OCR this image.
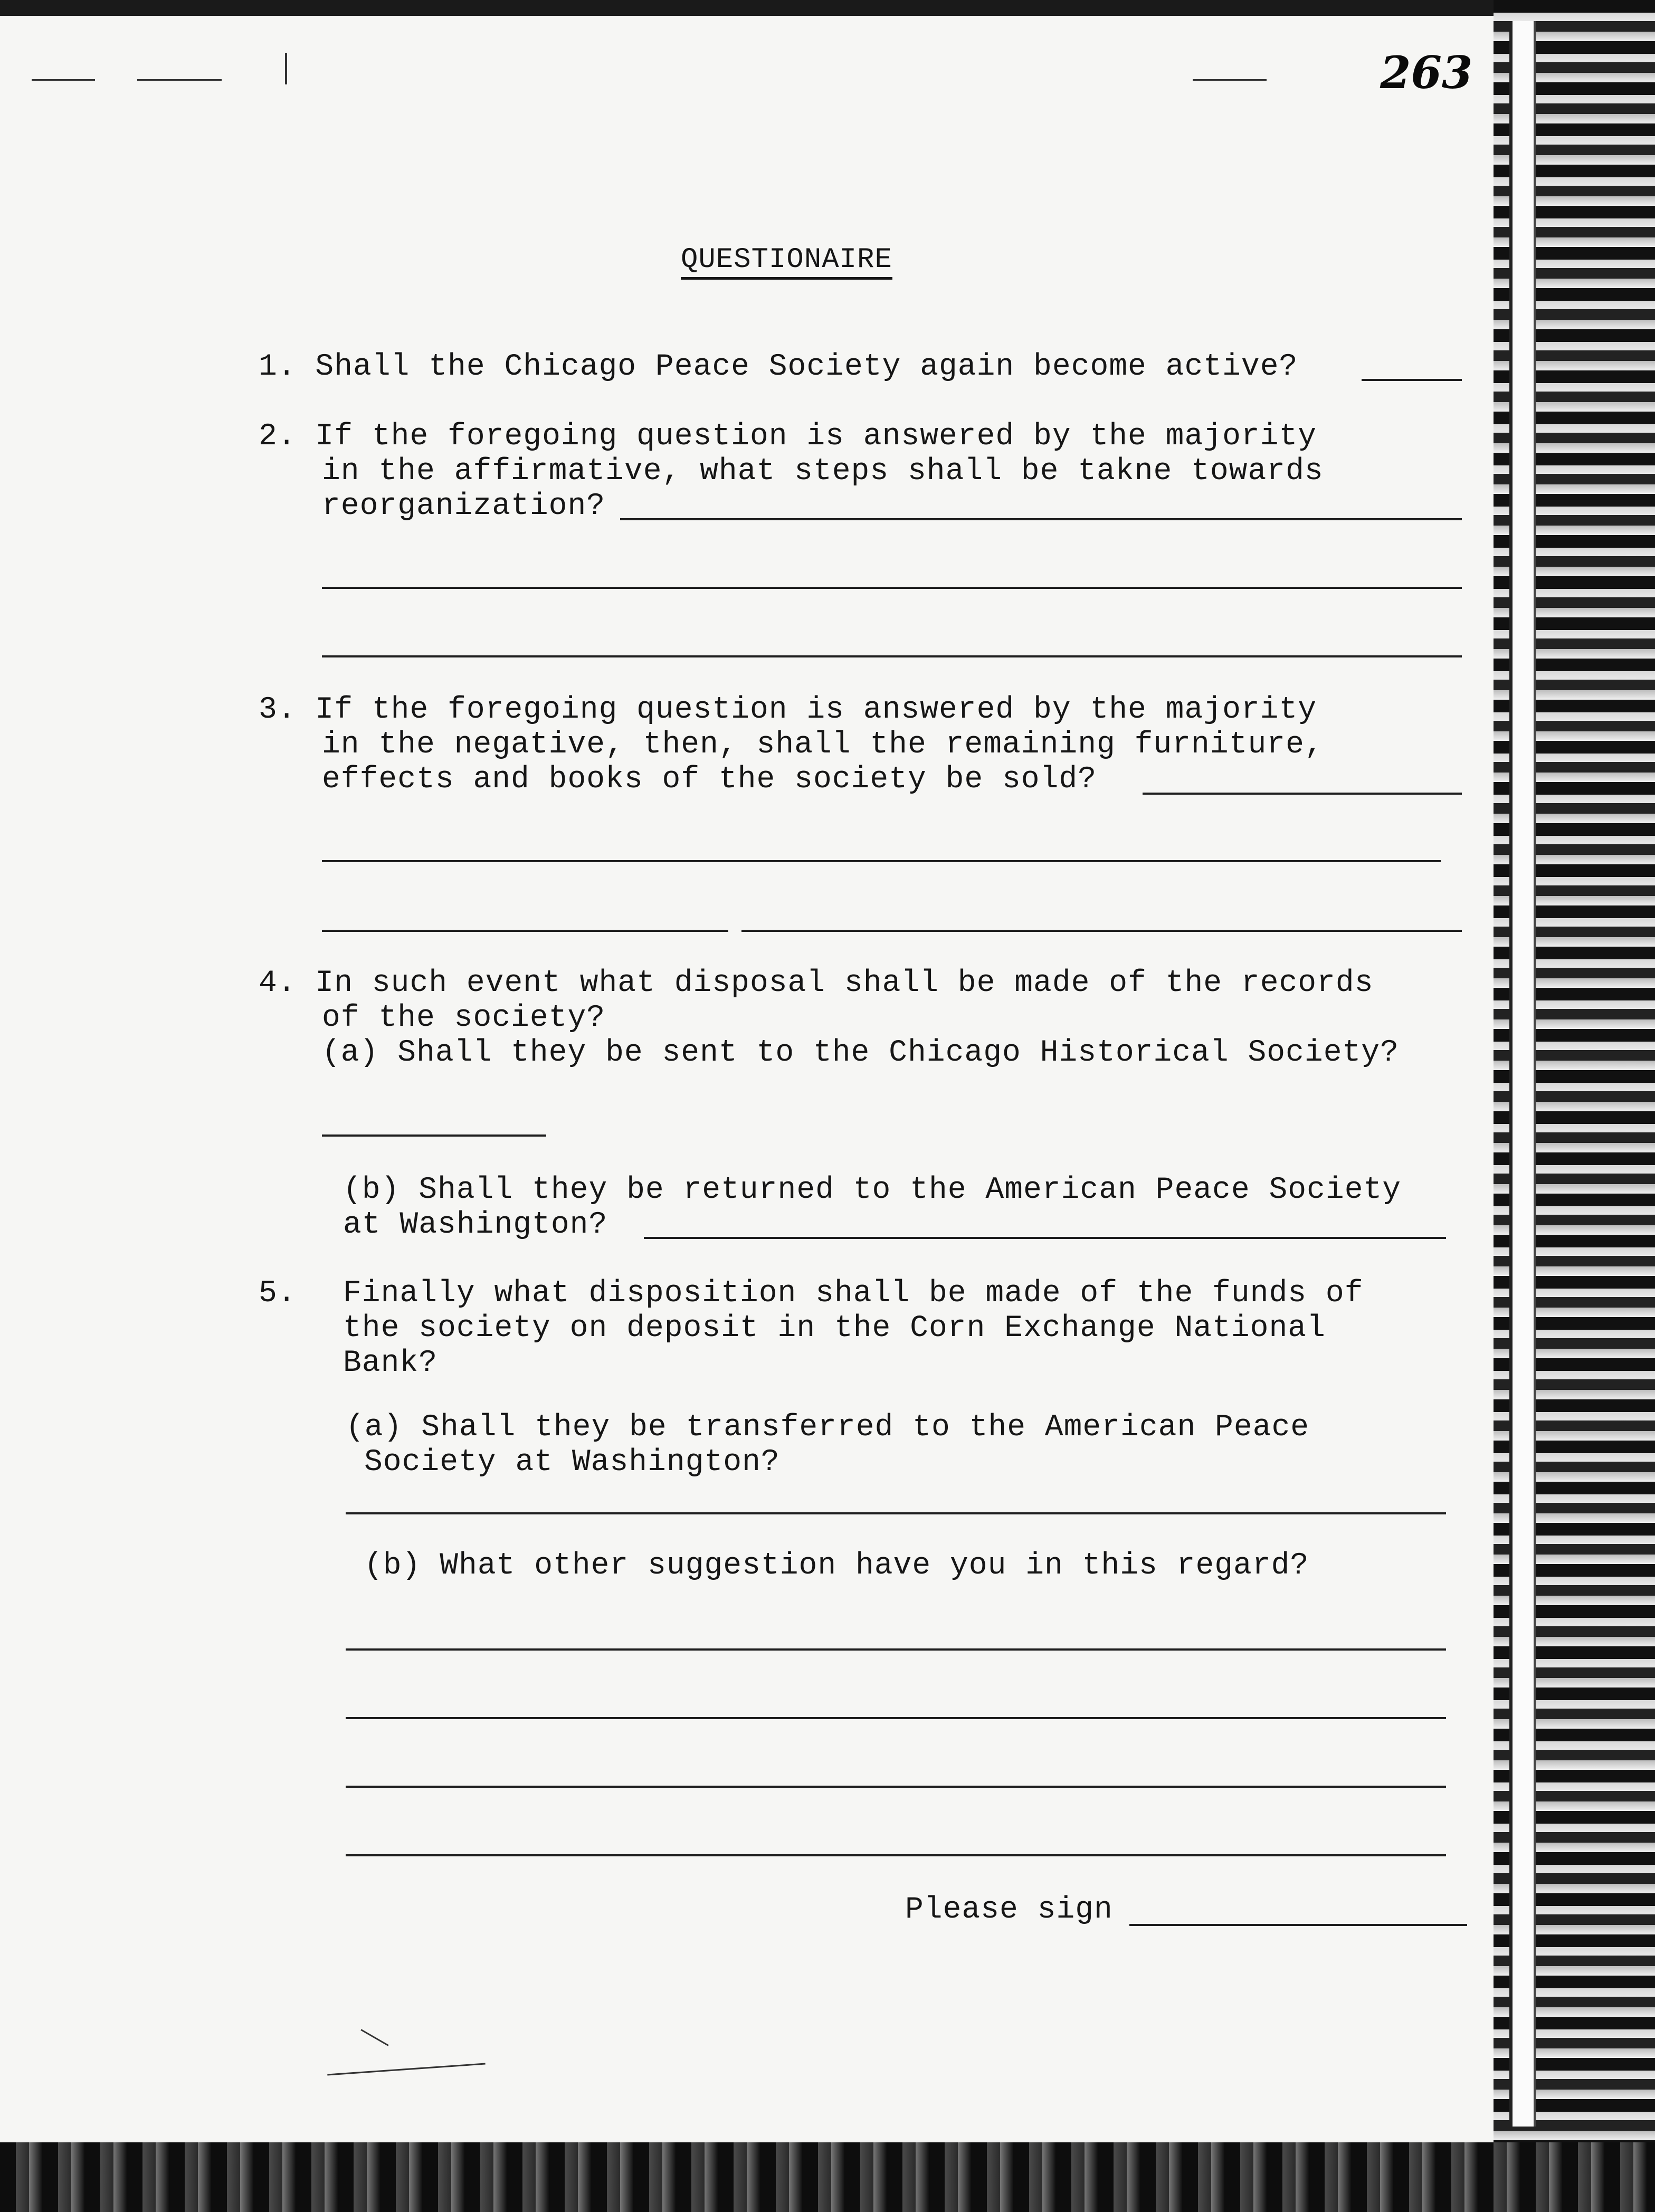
263
QUESTIONAIRE
1. Shall the Chicago Peace Society again become active?
2. If the foregoing question is answered by the majority
in the affirmative, what steps shall be takne towards
reorganization?
3. If the foregoing question is answered by the majority
in the negative, then, shall the remaining furniture,
effects and books of the society be sold?
4. In such event what disposal shall be made of the records
of the society?
(a) Shall they be sent to the Chicago Historical Society?
(b) Shall they be returned to the American Peace Society
at Washington?
5. Finally what disposition shall be made of the funds of
the society on deposit in the Corn Exchange National
Bank?
(a) Shall they be transferred to the American Peace
Society at Washington?
(b) What other suggestion have you in this regard?
Please sign
